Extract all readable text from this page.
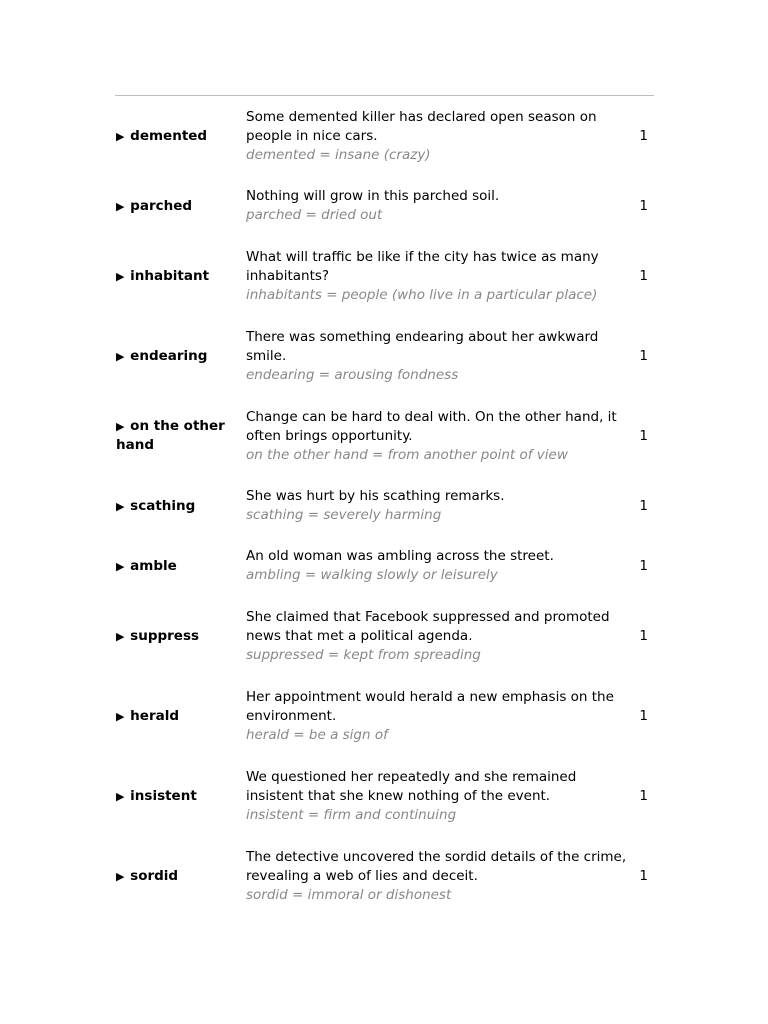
▶ demented
Some demented killer has declared open season on people in nice cars.
demented = insane (crazy)
1
▶ parched
Nothing will grow in this parched soil.
parched = dried out
1
▶ inhabitant
What will traffic be like if the city has twice as many inhabitants?
inhabitants = people (who live in a particular place)
1
▶ endearing
There was something endearing about her awkward smile.
endearing = arousing fondness
1
▶ on the other hand
Change can be hard to deal with. On the other hand, it often brings opportunity.
on the other hand = from another point of view
1
▶ scathing
She was hurt by his scathing remarks.
scathing = severely harming
1
▶ amble
An old woman was ambling across the street.
ambling = walking slowly or leisurely
1
▶ suppress
She claimed that Facebook suppressed and promoted news that met a political agenda.
suppressed = kept from spreading
1
▶ herald
Her appointment would herald a new emphasis on the environment.
herald = be a sign of
1
▶ insistent
We questioned her repeatedly and she remained insistent that she knew nothing of the event.
insistent = firm and continuing
1
▶ sordid
The detective uncovered the sordid details of the crime, revealing a web of lies and deceit.
sordid = immoral or dishonest
1
